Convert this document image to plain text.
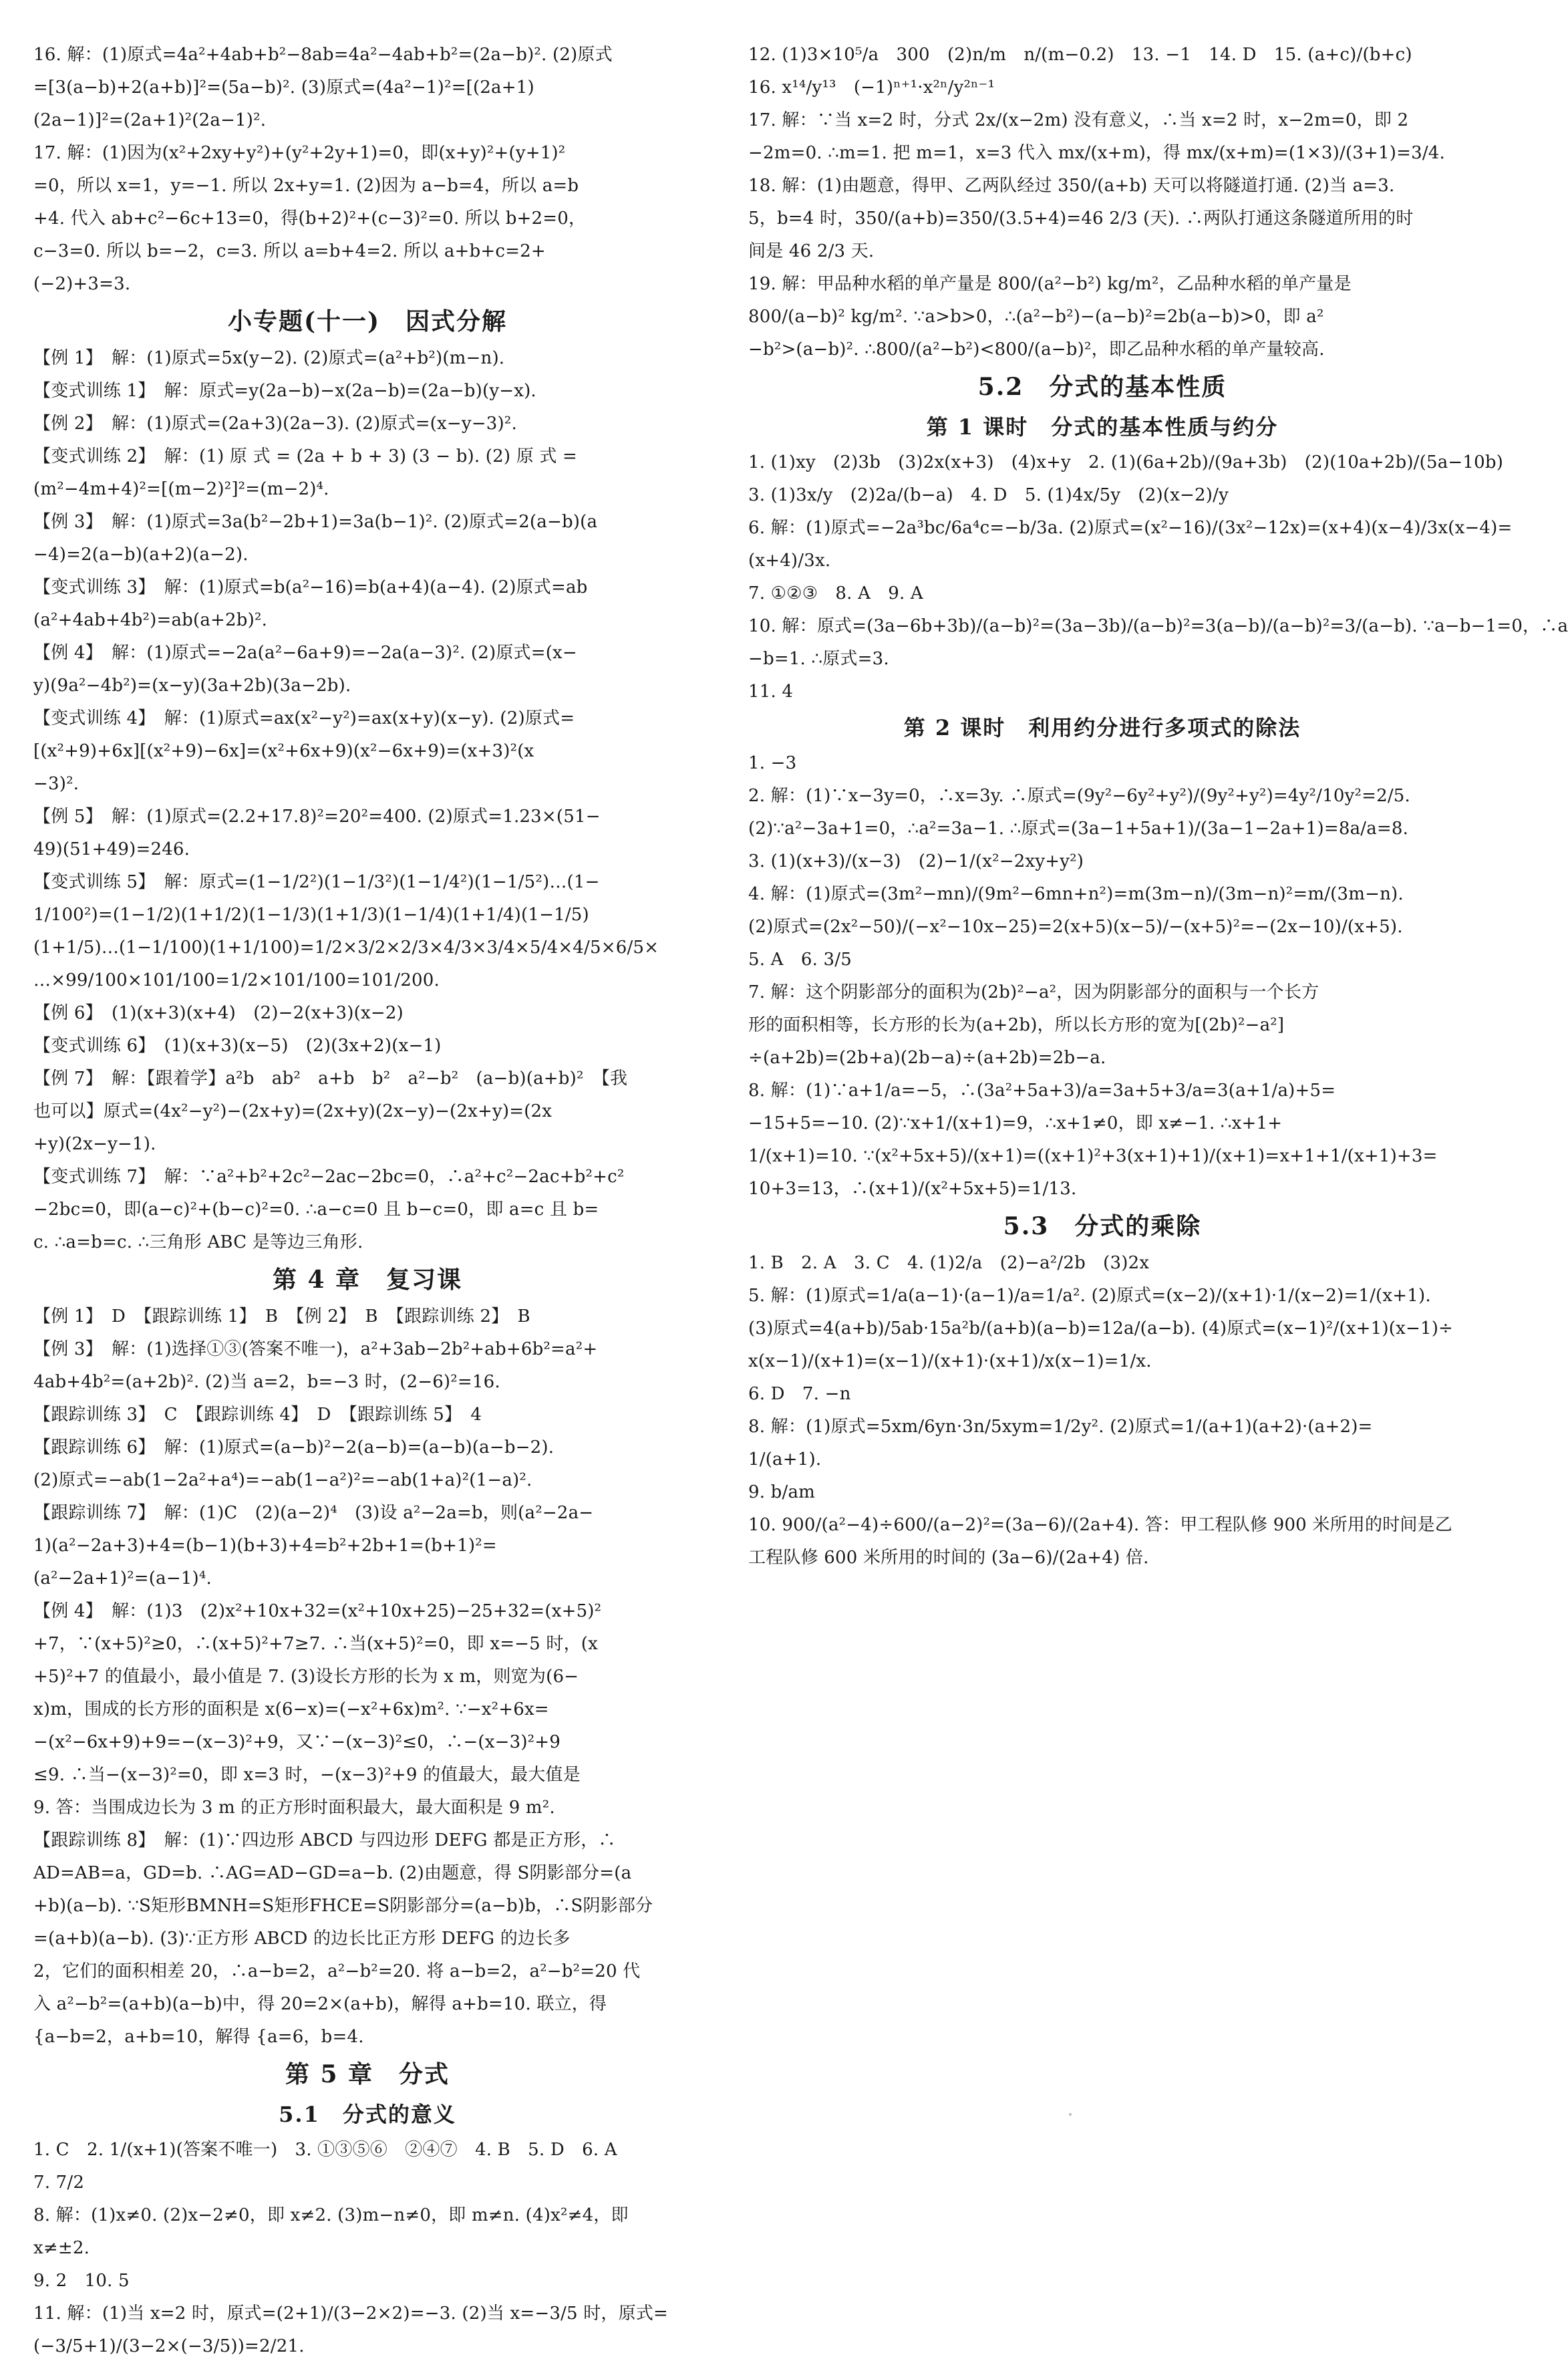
16. 解：(1)原式=4a²+4ab+b²−8ab=4a²−4ab+b²=(2a−b)². (2)原式
=[3(a−b)+2(a+b)]²=(5a−b)². (3)原式=(4a²−1)²=[(2a+1)
(2a−1)]²=(2a+1)²(2a−1)².
17. 解：(1)因为(x²+2xy+y²)+(y²+2y+1)=0，即(x+y)²+(y+1)²
=0，所以 x=1，y=−1. 所以 2x+y=1. (2)因为 a−b=4，所以 a=b
+4. 代入 ab+c²−6c+13=0，得(b+2)²+(c−3)²=0. 所以 b+2=0，
c−3=0. 所以 b=−2，c=3. 所以 a=b+4=2. 所以 a+b+c=2+
(−2)+3=3.
小专题(十一)　因式分解
【例 1】　解：(1)原式=5x(y−2). (2)原式=(a²+b²)(m−n).
【变式训练 1】　解：原式=y(2a−b)−x(2a−b)=(2a−b)(y−x).
【例 2】　解：(1)原式=(2a+3)(2a−3). (2)原式=(x−y−3)².
【变式训练 2】　解：(1) 原 式 = (2a + b + 3) (3 − b). (2) 原 式 =
(m²−4m+4)²=[(m−2)²]²=(m−2)⁴.
【例 3】　解：(1)原式=3a(b²−2b+1)=3a(b−1)². (2)原式=2(a−b)(a
−4)=2(a−b)(a+2)(a−2).
【变式训练 3】　解：(1)原式=b(a²−16)=b(a+4)(a−4). (2)原式=ab
(a²+4ab+4b²)=ab(a+2b)².
【例 4】　解：(1)原式=−2a(a²−6a+9)=−2a(a−3)². (2)原式=(x−
y)(9a²−4b²)=(x−y)(3a+2b)(3a−2b).
【变式训练 4】　解：(1)原式=ax(x²−y²)=ax(x+y)(x−y). (2)原式=
[(x²+9)+6x][(x²+9)−6x]=(x²+6x+9)(x²−6x+9)=(x+3)²(x
−3)².
【例 5】　解：(1)原式=(2.2+17.8)²=20²=400. (2)原式=1.23×(51−
49)(51+49)=246.
【变式训练 5】　解：原式=(1−1/2²)(1−1/3²)(1−1/4²)(1−1/5²)…(1−
1/100²)=(1−1/2)(1+1/2)(1−1/3)(1+1/3)(1−1/4)(1+1/4)(1−1/5)
(1+1/5)…(1−1/100)(1+1/100)=1/2×3/2×2/3×4/3×3/4×5/4×4/5×6/5×
…×99/100×101/100=1/2×101/100=101/200.
【例 6】　(1)(x+3)(x+4)　(2)−2(x+3)(x−2)
【变式训练 6】　(1)(x+3)(x−5)　(2)(3x+2)(x−1)
【例 7】　解：【跟着学】a²b　ab²　a+b　b²　a²−b²　(a−b)(a+b)²　【我
也可以】原式=(4x²−y²)−(2x+y)=(2x+y)(2x−y)−(2x+y)=(2x
+y)(2x−y−1).
【变式训练 7】　解：∵a²+b²+2c²−2ac−2bc=0，∴a²+c²−2ac+b²+c²
−2bc=0，即(a−c)²+(b−c)²=0. ∴a−c=0 且 b−c=0，即 a=c 且 b=
c. ∴a=b=c. ∴三角形 ABC 是等边三角形.
第 4 章　复习课
【例 1】　D　【跟踪训练 1】　B　【例 2】　B　【跟踪训练 2】　B
【例 3】　解：(1)选择①③(答案不唯一)，a²+3ab−2b²+ab+6b²=a²+
4ab+4b²=(a+2b)². (2)当 a=2，b=−3 时，(2−6)²=16.
【跟踪训练 3】　C　【跟踪训练 4】　D　【跟踪训练 5】　4
【跟踪训练 6】　解：(1)原式=(a−b)²−2(a−b)=(a−b)(a−b−2).
(2)原式=−ab(1−2a²+a⁴)=−ab(1−a²)²=−ab(1+a)²(1−a)².
【跟踪训练 7】　解：(1)C　(2)(a−2)⁴　(3)设 a²−2a=b，则(a²−2a−
1)(a²−2a+3)+4=(b−1)(b+3)+4=b²+2b+1=(b+1)²=
(a²−2a+1)²=(a−1)⁴.
【例 4】　解：(1)3　(2)x²+10x+32=(x²+10x+25)−25+32=(x+5)²
+7，∵(x+5)²≥0，∴(x+5)²+7≥7. ∴当(x+5)²=0，即 x=−5 时，(x
+5)²+7 的值最小，最小值是 7. (3)设长方形的长为 x m，则宽为(6−
x)m，围成的长方形的面积是 x(6−x)=(−x²+6x)m². ∵−x²+6x=
−(x²−6x+9)+9=−(x−3)²+9，又∵−(x−3)²≤0，∴−(x−3)²+9
≤9. ∴当−(x−3)²=0，即 x=3 时，−(x−3)²+9 的值最大，最大值是
9. 答：当围成边长为 3 m 的正方形时面积最大，最大面积是 9 m².
【跟踪训练 8】　解：(1)∵四边形 ABCD 与四边形 DEFG 都是正方形，∴
AD=AB=a，GD=b. ∴AG=AD−GD=a−b. (2)由题意，得 S阴影部分=(a
+b)(a−b). ∵S矩形BMNH=S矩形FHCE=S阴影部分=(a−b)b，∴S阴影部分
=(a+b)(a−b). (3)∵正方形 ABCD 的边长比正方形 DEFG 的边长多
2，它们的面积相差 20，∴a−b=2，a²−b²=20. 将 a−b=2，a²−b²=20 代
入 a²−b²=(a+b)(a−b)中，得 20=2×(a+b)，解得 a+b=10. 联立，得
{a−b=2，a+b=10，解得 {a=6，b=4.
第 5 章　分式
5.1　分式的意义
1. C　2. 1/(x+1)(答案不唯一)　3. ①③⑤⑥　②④⑦　4. B　5. D　6. A
7. 7/2
8. 解：(1)x≠0. (2)x−2≠0，即 x≠2. (3)m−n≠0，即 m≠n. (4)x²≠4，即
x≠±2.
9. 2　10. 5
11. 解：(1)当 x=2 时，原式=(2+1)/(3−2×2)=−3. (2)当 x=−3/5 时，原式=
(−3/5+1)/(3−2×(−3/5))=2/21.
12. (1)3×10⁵/a　300　(2)n/m　n/(m−0.2)　13. −1　14. D　15. (a+c)/(b+c)
16. x¹⁴/y¹³　(−1)ⁿ⁺¹·x²ⁿ/y²ⁿ⁻¹
17. 解：∵当 x=2 时，分式 2x/(x−2m) 没有意义，∴当 x=2 时，x−2m=0，即 2
−2m=0. ∴m=1. 把 m=1，x=3 代入 mx/(x+m)，得 mx/(x+m)=(1×3)/(3+1)=3/4.
18. 解：(1)由题意，得甲、乙两队经过 350/(a+b) 天可以将隧道打通. (2)当 a=3.
5，b=4 时，350/(a+b)=350/(3.5+4)=46 2/3 (天). ∴两队打通这条隧道所用的时
间是 46 2/3 天.
19. 解：甲品种水稻的单产量是 800/(a²−b²) kg/m²，乙品种水稻的单产量是
800/(a−b)² kg/m². ∵a>b>0，∴(a²−b²)−(a−b)²=2b(a−b)>0，即 a²
−b²>(a−b)². ∴800/(a²−b²)<800/(a−b)²，即乙品种水稻的单产量较高.
5.2　分式的基本性质
第 1 课时　分式的基本性质与约分
1. (1)xy　(2)3b　(3)2x(x+3)　(4)x+y　2. (1)(6a+2b)/(9a+3b)　(2)(10a+2b)/(5a−10b)
3. (1)3x/y　(2)2a/(b−a)　4. D　5. (1)4x/5y　(2)(x−2)/y
6. 解：(1)原式=−2a³bc/6a⁴c=−b/3a. (2)原式=(x²−16)/(3x²−12x)=(x+4)(x−4)/3x(x−4)=
(x+4)/3x.
7. ①②③　8. A　9. A
10. 解：原式=(3a−6b+3b)/(a−b)²=(3a−3b)/(a−b)²=3(a−b)/(a−b)²=3/(a−b). ∵a−b−1=0，∴a
−b=1. ∴原式=3.
11. 4
第 2 课时　利用约分进行多项式的除法
1. −3
2. 解：(1)∵x−3y=0，∴x=3y. ∴原式=(9y²−6y²+y²)/(9y²+y²)=4y²/10y²=2/5.
(2)∵a²−3a+1=0，∴a²=3a−1. ∴原式=(3a−1+5a+1)/(3a−1−2a+1)=8a/a=8.
3. (1)(x+3)/(x−3)　(2)−1/(x²−2xy+y²)
4. 解：(1)原式=(3m²−mn)/(9m²−6mn+n²)=m(3m−n)/(3m−n)²=m/(3m−n).
(2)原式=(2x²−50)/(−x²−10x−25)=2(x+5)(x−5)/−(x+5)²=−(2x−10)/(x+5).
5. A　6. 3/5
7. 解：这个阴影部分的面积为(2b)²−a²，因为阴影部分的面积与一个长方
形的面积相等，长方形的长为(a+2b)，所以长方形的宽为[(2b)²−a²]
÷(a+2b)=(2b+a)(2b−a)÷(a+2b)=2b−a.
8. 解：(1)∵a+1/a=−5，∴(3a²+5a+3)/a=3a+5+3/a=3(a+1/a)+5=
−15+5=−10. (2)∵x+1/(x+1)=9，∴x+1≠0，即 x≠−1. ∴x+1+
1/(x+1)=10. ∵(x²+5x+5)/(x+1)=((x+1)²+3(x+1)+1)/(x+1)=x+1+1/(x+1)+3=
10+3=13，∴(x+1)/(x²+5x+5)=1/13.
5.3　分式的乘除
1. B　2. A　3. C　4. (1)2/a　(2)−a²/2b　(3)2x
5. 解：(1)原式=1/a(a−1)·(a−1)/a=1/a². (2)原式=(x−2)/(x+1)·1/(x−2)=1/(x+1).
(3)原式=4(a+b)/5ab·15a²b/(a+b)(a−b)=12a/(a−b). (4)原式=(x−1)²/(x+1)(x−1)÷
x(x−1)/(x+1)=(x−1)/(x+1)·(x+1)/x(x−1)=1/x.
6. D　7. −n
8. 解：(1)原式=5xm/6yn·3n/5xym=1/2y². (2)原式=1/(a+1)(a+2)·(a+2)=
1/(a+1).
9. b/am
10. 900/(a²−4)÷600/(a−2)²=(3a−6)/(2a+4). 答：甲工程队修 900 米所用的时间是乙
工程队修 600 米所用的时间的 (3a−6)/(2a+4) 倍.
